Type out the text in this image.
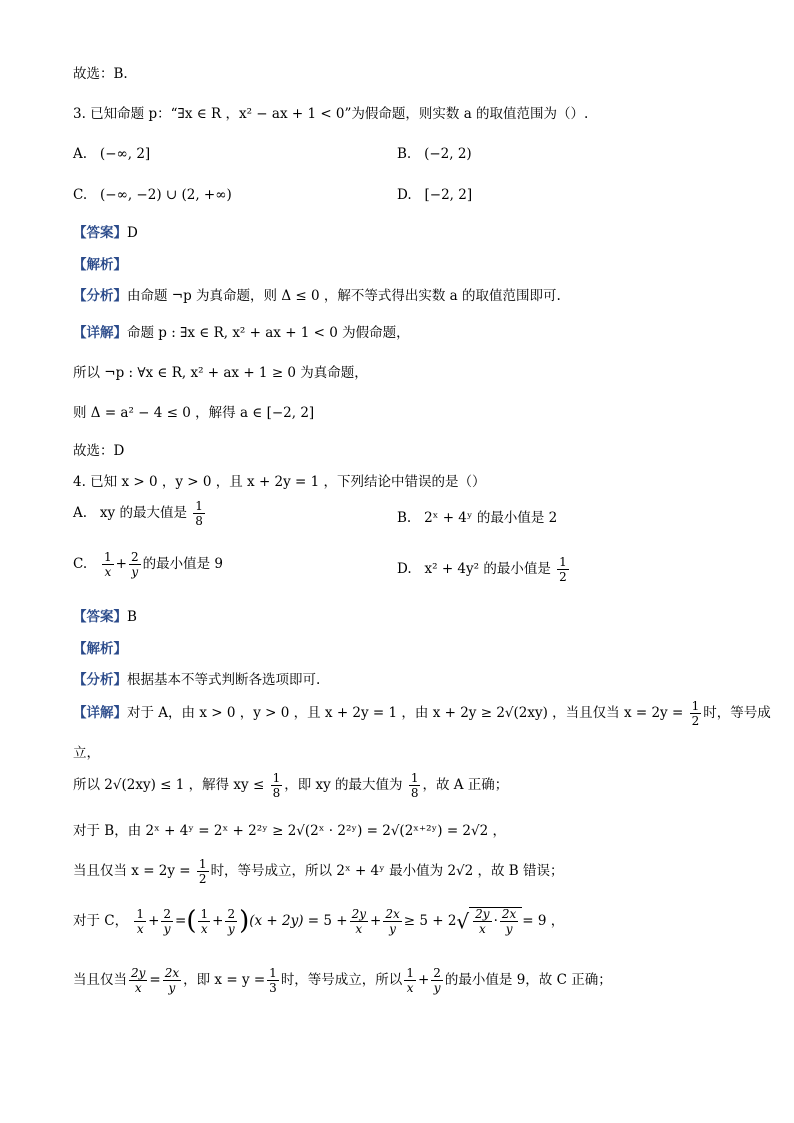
故选：B.
3. 已知命题 p：“∃x ∈ R ，x² − ax + 1 < 0”为假命题，则实数 a 的取值范围为（）.
A. (−∞, 2]	B. (−2, 2)
C. (−∞, −2) ∪ (2, +∞)	D. [−2, 2]
【答案】D
【解析】
【分析】由命题 ¬p 为真命题，则 Δ ≤ 0 ，解不等式得出实数 a 的取值范围即可.
【详解】命题 p : ∃x ∈ R, x² + ax + 1 < 0 为假命题，
所以 ¬p : ∀x ∈ R, x² + ax + 1 ≥ 0 为真命题，
则 Δ = a² − 4 ≤ 0 ，解得 a ∈ [−2, 2]
故选：D
4. 已知 x > 0 ，y > 0 ，且 x + 2y = 1 ，下列结论中错误的是（）
A. xy 的最大值是 $\frac{1}{8}$	B. 2ˣ + 4ʸ 的最小值是 2
C. $\frac{1}{x} + \frac{2}{y}$ 的最小值是 9	D. x² + 4y² 的最小值是 $\frac{1}{2}$
【答案】B
【解析】
【分析】根据基本不等式判断各选项即可.
【详解】对于 A，由 x > 0 ，y > 0 ，且 x + 2y = 1 ，由 x + 2y ≥ 2√(2xy) ，当且仅当 $x = 2y = \frac{1}{2}$ 时，等号成
立，
所以 2√(2xy) ≤ 1 ，解得 xy ≤ $\frac{1}{8}$ ，即 xy 的最大值为 $\frac{1}{8}$ ，故 A 正确；
对于 B，由 2ˣ + 4ʸ = 2ˣ + 2²ʸ ≥ 2√(2ˣ · 2²ʸ) = 2√(2ˣ⁺²ʸ) = 2√2 ，
当且仅当 $x = 2y = \frac{1}{2}$ 时，等号成立，所以 2ˣ + 4ʸ 最小值为 2√2 ，故 B 错误；
对于 C， $\frac{1}{x} + \frac{2}{y}$ =( $\frac{1}{x} + \frac{2}{y} )(x + 2y) = 5 + \frac{2y}{x} + \frac{2x}{y} \ge 5 + 2√ \frac{2y}{x} \cdot \frac{2x}{y} = 9$ ，
当且仅当 $\frac{2y}{x} = \frac{2x}{y}$ ，即 $x = y = \frac{1}{3}$ 时，等号成立，所以 $\frac{1}{x} + \frac{2}{y}$ 的最小值是 9，故 C 正确；
